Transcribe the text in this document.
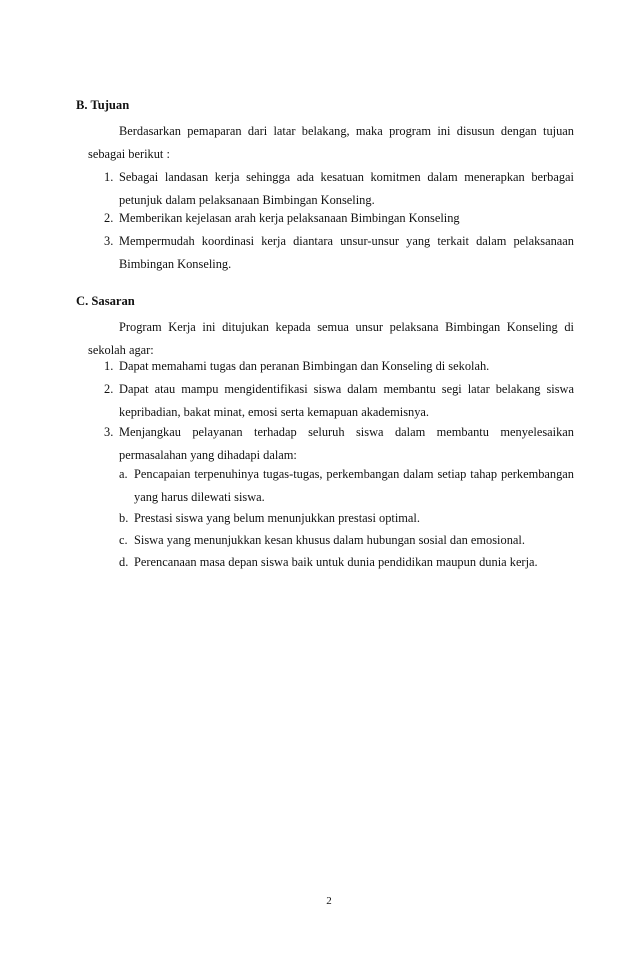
B. Tujuan
Berdasarkan pemaparan dari latar belakang, maka program ini disusun dengan tujuan
sebagai berikut :
1. Sebagai landasan kerja sehingga ada kesatuan komitmen dalam menerapkan berbagai
petunjuk dalam pelaksanaan Bimbingan Konseling.
2. Memberikan kejelasan arah kerja pelaksanaan Bimbingan Konseling
3. Mempermudah koordinasi kerja diantara unsur-unsur yang terkait dalam pelaksanaan
Bimbingan Konseling.
C. Sasaran
Program Kerja ini ditujukan kepada semua unsur pelaksana Bimbingan Konseling di
sekolah agar:
1. Dapat memahami tugas dan peranan Bimbingan dan Konseling di sekolah.
2. Dapat atau mampu mengidentifikasi siswa dalam membantu segi latar belakang siswa
kepribadian, bakat minat, emosi serta kemapuan akademisnya.
3. Menjangkau pelayanan terhadap seluruh siswa dalam membantu menyelesaikan
permasalahan yang dihadapi dalam:
a. Pencapaian terpenuhinya tugas-tugas, perkembangan dalam setiap tahap perkembangan
yang harus dilewati siswa.
b. Prestasi siswa yang belum menunjukkan prestasi optimal.
c. Siswa yang menunjukkan kesan khusus dalam hubungan sosial dan emosional.
d. Perencanaan masa depan siswa baik untuk dunia pendidikan maupun dunia kerja.
2
